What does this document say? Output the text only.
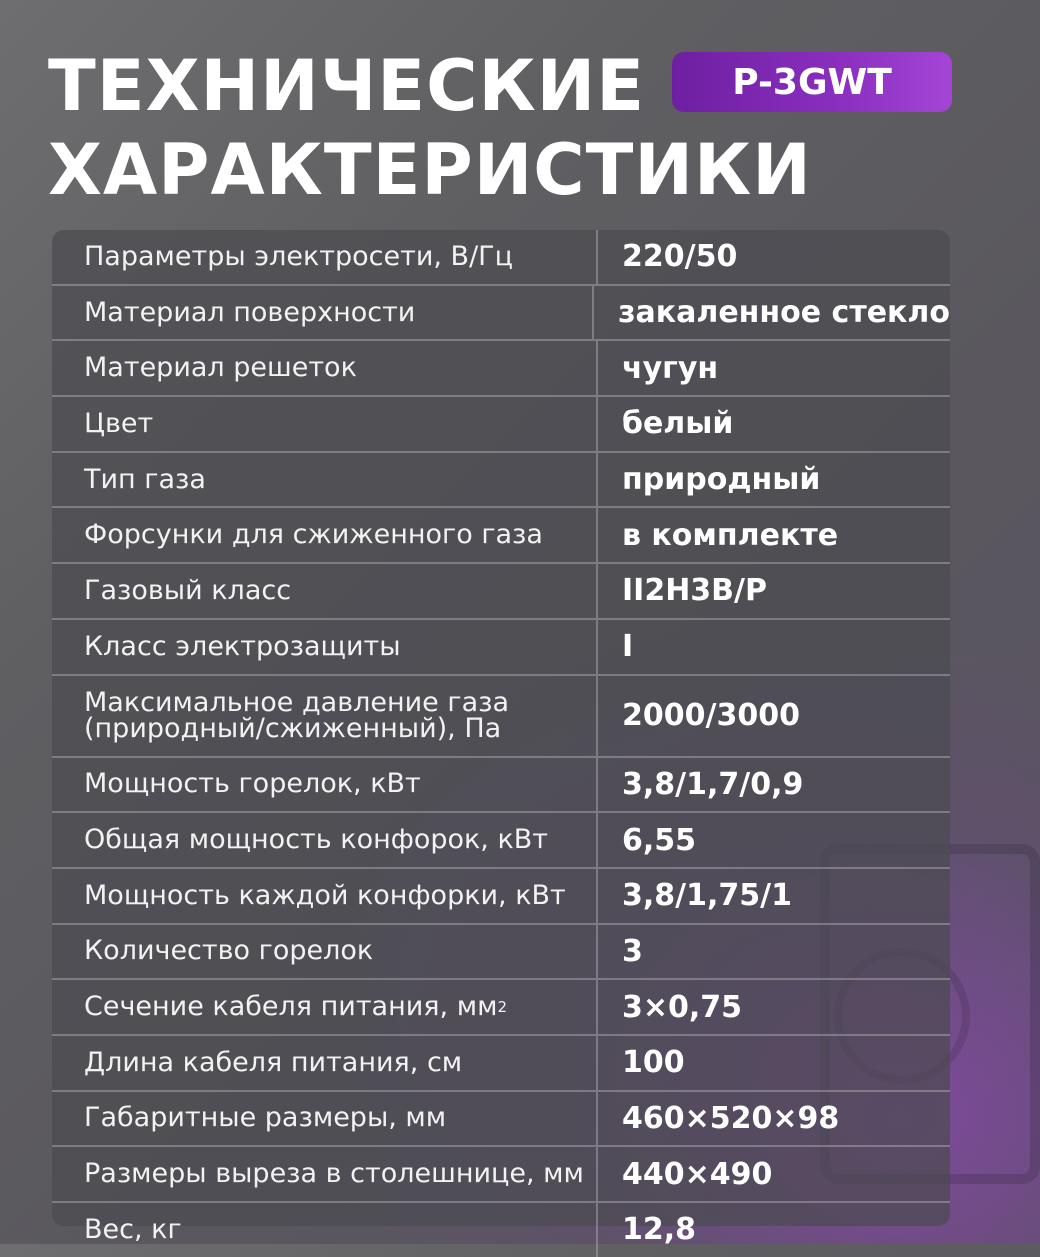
ТЕХНИЧЕСКИЕ
ХАРАКТЕРИСТИКИ
P-3GWT
Параметры электросети, В/Гц	220/50
Материал поверхности	закаленное стекло
Материал решеток	чугун
Цвет	белый
Тип газа	природный
Форсунки для сжиженного газа	в комплекте
Газовый класс	II2H3B/P
Класс электрозащиты	I
Максимальное давление газа
(природный/сжиженный), Па	2000/3000
Мощность горелок, кВт	3,8/1,7/0,9
Общая мощность конфорок, кВт	6,55
Мощность каждой конфорки, кВт	3,8/1,75/1
Количество горелок	3
Сечение кабеля питания, мм 2	3×0,75
Длина кабеля питания, см	100
Габаритные размеры, мм	460×520×98
Размеры выреза в столешнице, мм	440×490
Вес, кг	12,8
